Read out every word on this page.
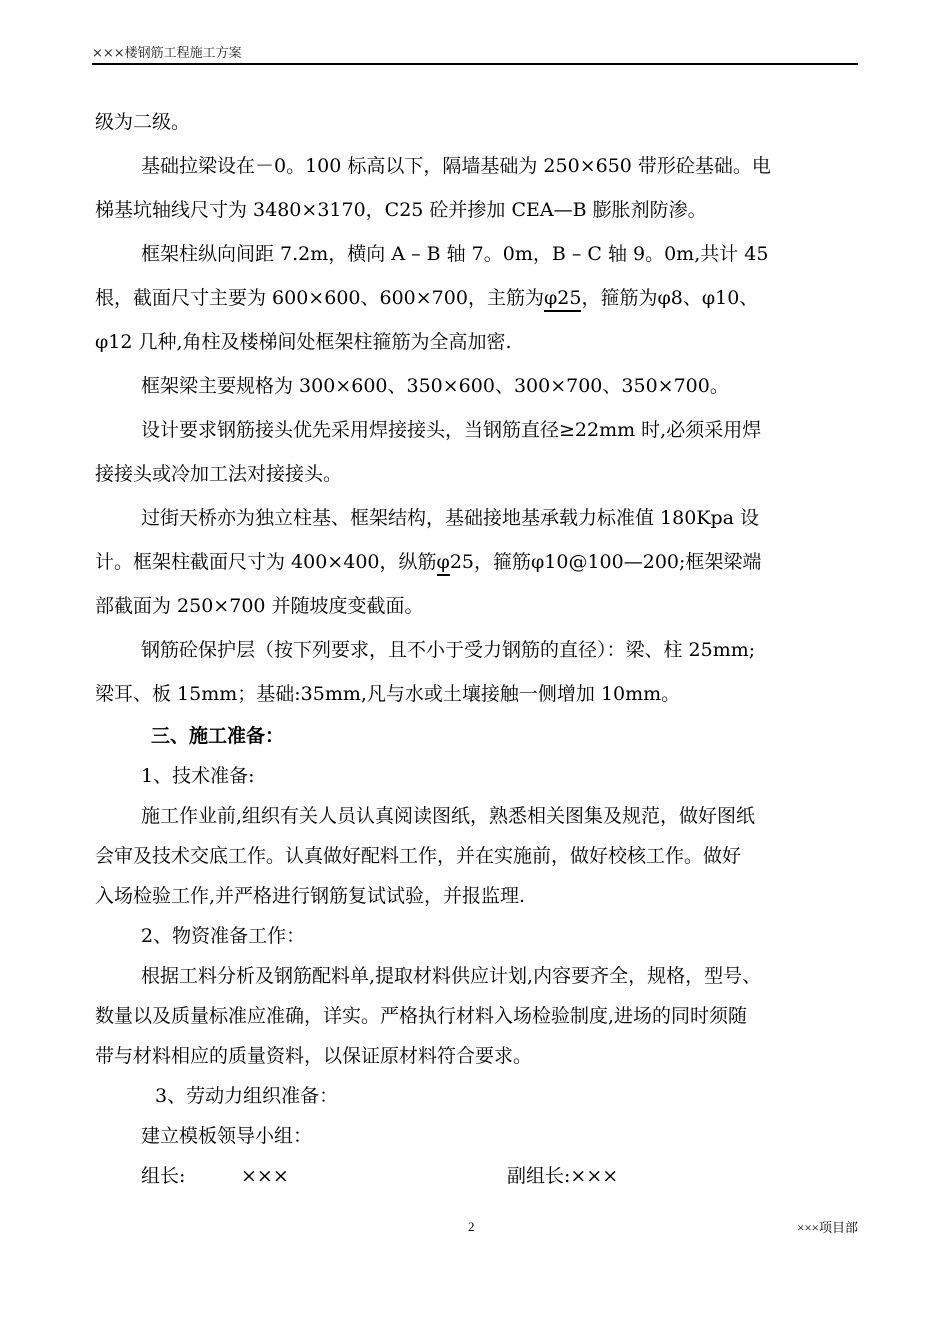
×××楼钢筋工程施工方案

级为二级。

基础拉梁设在－0。100 标高以下，隔墙基础为 250×650 带形砼基础。电

梯基坑轴线尺寸为 3480×3170，C25 砼并掺加 CEA—B 膨胀剂防渗。

框架柱纵向间距 7.2m，横向 A – B 轴 7。0m，B – C 轴 9。0m,共计 45

根，截面尺寸主要为 600×600、600×700，主筋为φ25，箍筋为φ8、φ10、

φ12 几种,角柱及楼梯间处框架柱箍筋为全高加密.

框架梁主要规格为 300×600、350×600、300×700、350×700。

设计要求钢筋接头优先采用焊接接头，当钢筋直径≥22mm 时,必须采用焊

接接头或冷加工法对接接头。

过街天桥亦为独立柱基、框架结构，基础接地基承载力标准值 180Kpa 设

计。框架柱截面尺寸为 400×400，纵筋φ25，箍筋φ10@100—200;框架梁端

部截面为 250×700 并随坡度变截面。

钢筋砼保护层（按下列要求，且不小于受力钢筋的直径）：梁、柱 25mm;

梁耳、板 15mm；基础:35mm,凡与水或土壤接触一侧增加 10mm。

三、施工准备：

1、技术准备:

施工作业前,组织有关人员认真阅读图纸，熟悉相关图集及规范，做好图纸

会审及技术交底工作。认真做好配料工作，并在实施前，做好校核工作。做好

入场检验工作,并严格进行钢筋复试试验，并报监理.

2、物资准备工作：

根据工料分析及钢筋配料单,提取材料供应计划,内容要齐全，规格，型号、

数量以及质量标准应准确，详实。严格执行材料入场检验制度,进场的同时须随

带与材料相应的质量资料，以保证原材料符合要求。

3、劳动力组织准备：

建立模板领导小组：

组长:	×××	副组长:×××
2	×××项目部
